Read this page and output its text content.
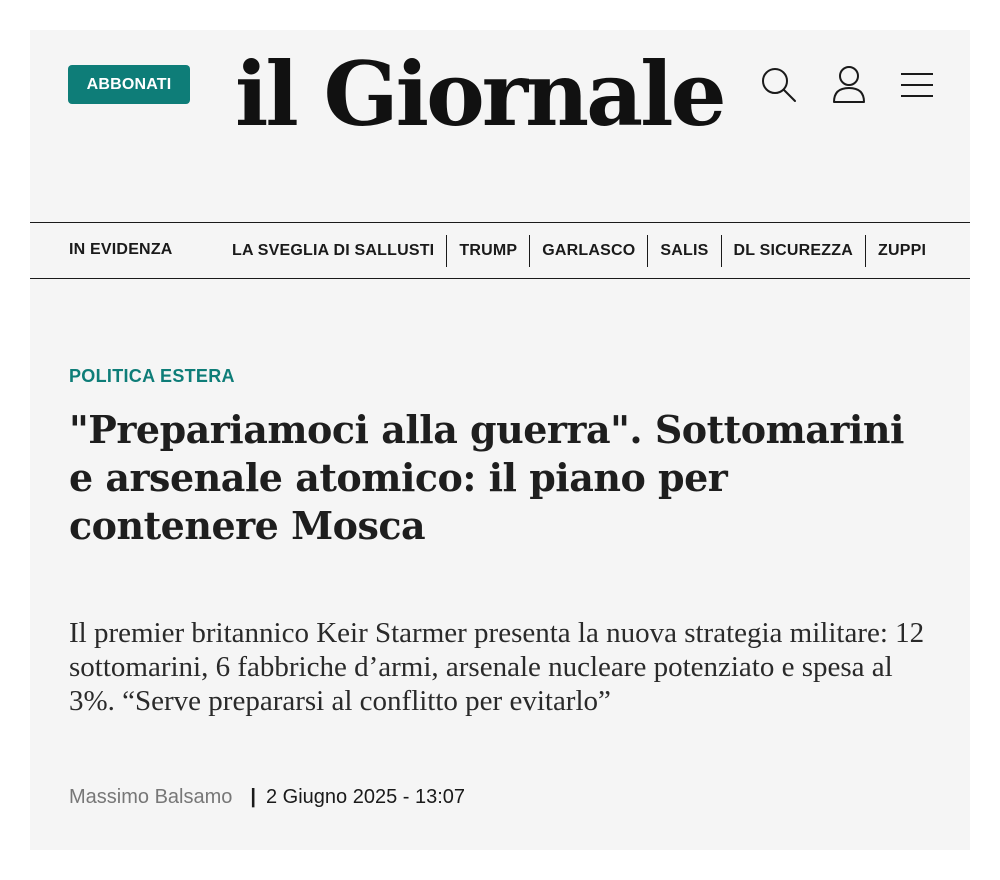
ABBONATI il Giornale
IN EVIDENZA	LA SVEGLIA DI SALLUSTI	TRUMP	GARLASCO	SALIS	DL SICUREZZA	ZUPPI
POLITICA ESTERA
"Prepariamoci alla guerra". Sottomarini e arsenale atomico: il piano per contenere Mosca

Il premier britannico Keir Starmer presenta la nuova strategia militare: 12 sottomarini, 6 fabbriche d’armi, arsenale nucleare potenziato e spesa al 3%. “Serve prepararsi al conflitto per evitarlo”

Massimo Balsamo | 2 Giugno 2025 - 13:07
